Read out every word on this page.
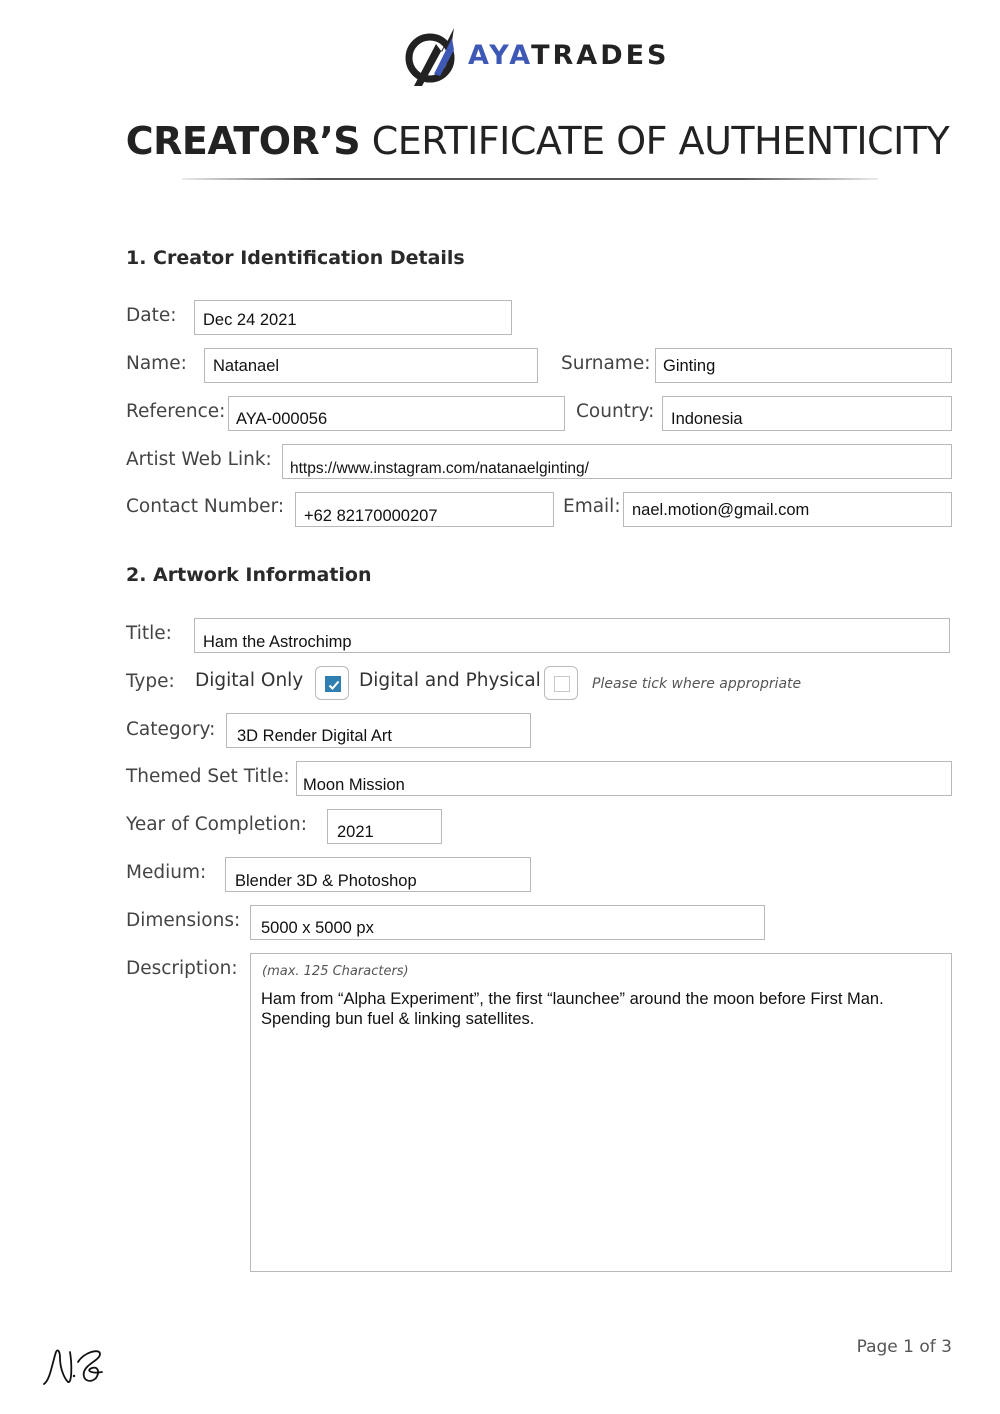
AYATRADES
CREATOR’S CERTIFICATE OF AUTHENTICITY
1. Creator Identification Details
Date: Dec 24 2021
Name: Natanael	Surname: Ginting
Reference: AYA-000056	Country: Indonesia
Artist Web Link: https://www.instagram.com/natanaelginting/
Contact Number: +62 82170000207	Email: nael.motion@gmail.com
2. Artwork Information
Title: Ham the Astrochimp
Type: Digital Only	Digital and Physical	Please tick where appropriate
Category: 3D Render Digital Art
Themed Set Title: Moon Mission
Year of Completion: 2021
Medium: Blender 3D & Photoshop
Dimensions: 5000 x 5000 px
Description: (max. 125 Characters)
Ham from “Alpha Experiment”, the first “launchee” around the moon before First Man. Spending bun fuel & linking satellites.
Page 1 of 3
